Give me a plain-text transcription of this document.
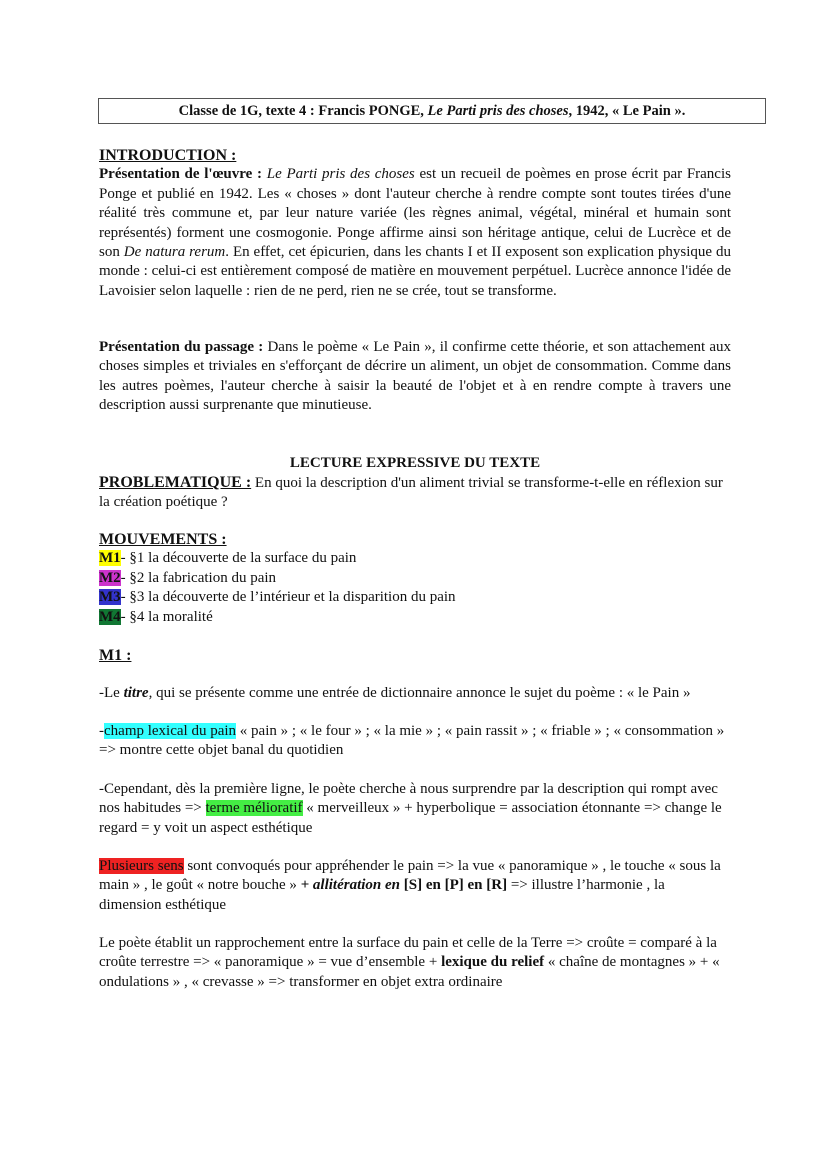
Classe de 1G, texte 4 : Francis PONGE, Le Parti pris des choses, 1942, « Le Pain ».
INTRODUCTION :
Présentation de l'œuvre : Le Parti pris des choses est un recueil de poèmes en prose écrit par Francis Ponge et publié en 1942. Les « choses » dont l'auteur cherche à rendre compte sont toutes tirées d'une réalité très commune et, par leur nature variée (les règnes animal, végétal, minéral et humain sont représentés) forment une cosmogonie. Ponge affirme ainsi son héritage antique, celui de Lucrèce et de son De natura rerum. En effet, cet épicurien, dans les chants I et II exposent son explication physique du monde : celui-ci est entièrement composé de matière en mouvement perpétuel. Lucrèce annonce l'idée de Lavoisier selon laquelle : rien de ne perd, rien ne se crée, tout se transforme.
Présentation du passage : Dans le poème « Le Pain », il confirme cette théorie, et son attachement aux choses simples et triviales en s'efforçant de décrire un aliment, un objet de consommation. Comme dans les autres poèmes, l'auteur cherche à saisir la beauté de l'objet et à en rendre compte à travers une description aussi surprenante que minutieuse.
LECTURE EXPRESSIVE DU TEXTE
PROBLEMATIQUE : En quoi la description d'un aliment trivial se transforme-t-elle en réflexion sur la création poétique ?
MOUVEMENTS :
M1- §1 la découverte de la surface du pain
M2- §2 la fabrication du pain
M3- §3 la découverte de l’intérieur et la disparition du pain
M4- §4 la moralité
M1 :
-Le titre, qui se présente comme une entrée de dictionnaire annonce le sujet du poème : « le Pain »
-champ lexical du pain « pain » ; « le four » ; « la mie » ; « pain rassit » ; « friable » ; « consommation » => montre cette objet banal du quotidien
-Cependant, dès la première ligne, le poète cherche à nous surprendre par la description qui rompt avec nos habitudes => terme mélioratif « merveilleux » + hyperbolique = association étonnante => change le regard = y voit un aspect esthétique
Plusieurs sens sont convoqués pour appréhender le pain => la vue « panoramique » , le touche « sous la main » , le goût « notre bouche » + allitération en [S] en [P] en [R] => illustre l’harmonie , la dimension esthétique
Le poète établit un rapprochement entre la surface du pain et celle de la Terre => croûte = comparé à la croûte terrestre => « panoramique » = vue d’ensemble + lexique du relief « chaîne de montagnes » + « ondulations » , « crevasse » => transformer en objet extra ordinaire
